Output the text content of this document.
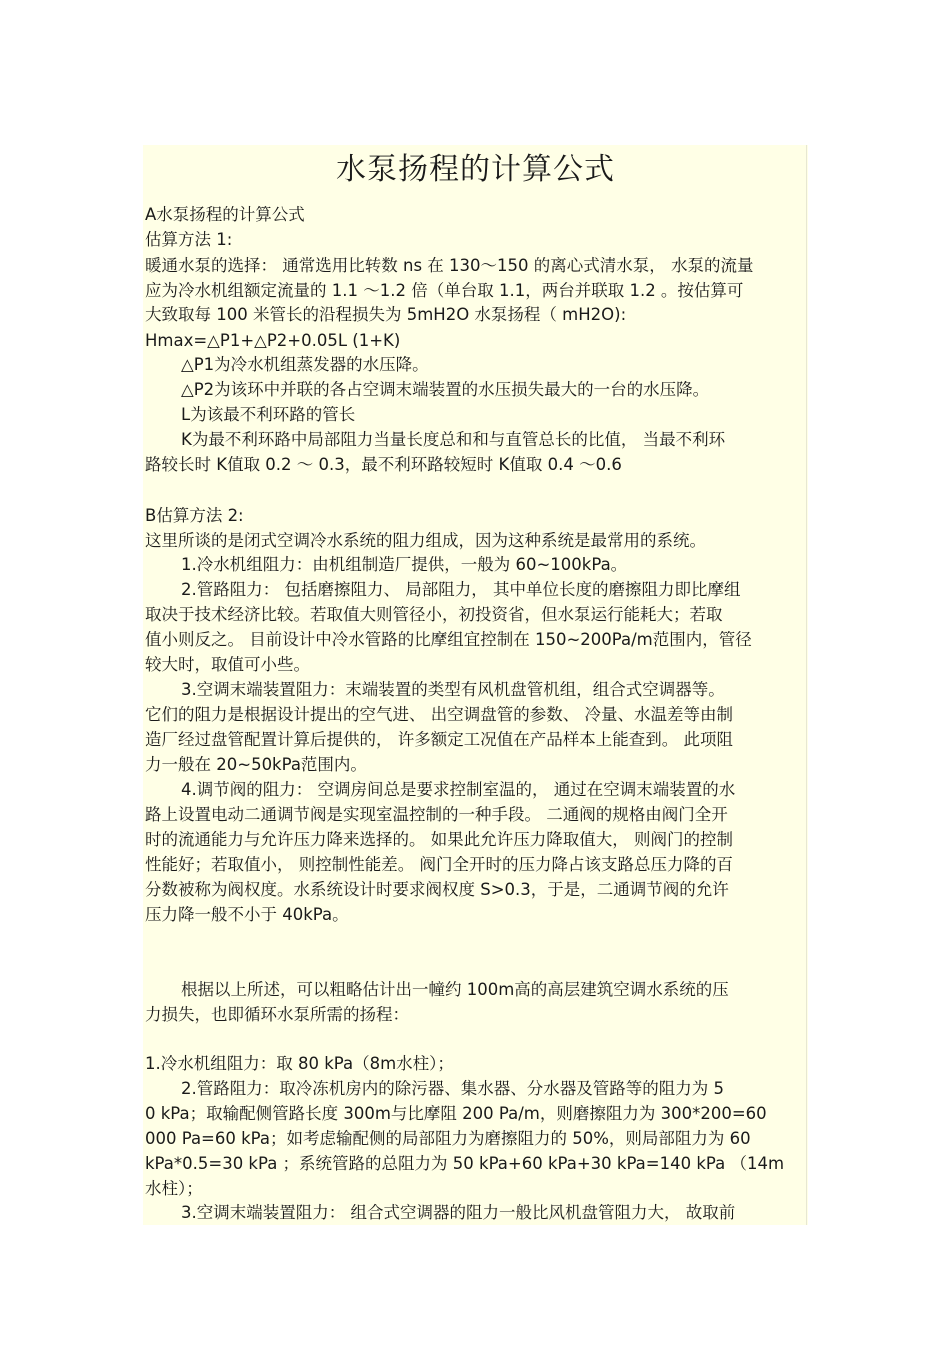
水泵扬程的计算公式
A水泵扬程的计算公式
估算方法 1:
暖通水泵的选择： 通常选用比转数 ns 在 130～150 的离心式清水泵， 水泵的流量
应为冷水机组额定流量的 1.1 ～1.2 倍（单台取 1.1，两台并联取 1.2 。按估算可
大致取每 100 米管长的沿程损失为 5mH2O 水泵扬程（ mH2O):
Hmax=△P1+△P2+0.05L (1+K)
△P1为冷水机组蒸发器的水压降。
△P2为该环中并联的各占空调末端装置的水压损失最大的一台的水压降。
L为该最不利环路的管长
K为最不利环路中局部阻力当量长度总和和与直管总长的比值， 当最不利环
路较长时 K值取 0.2 ～ 0.3，最不利环路较短时 K值取 0.4 ～0.6
B估算方法 2:
这里所谈的是闭式空调冷水系统的阻力组成，因为这种系统是最常用的系统。
1.冷水机组阻力：由机组制造厂提供，一般为 60~100kPa。
2.管路阻力： 包括磨擦阻力、 局部阻力， 其中单位长度的磨擦阻力即比摩组
取决于技术经济比较。若取值大则管径小，初投资省，但水泵运行能耗大；若取
值小则反之。 目前设计中冷水管路的比摩组宜控制在 150~200Pa/m范围内，管径
较大时，取值可小些。
3.空调末端装置阻力：末端装置的类型有风机盘管机组，组合式空调器等。
它们的阻力是根据设计提出的空气进、 出空调盘管的参数、 冷量、水温差等由制
造厂经过盘管配置计算后提供的， 许多额定工况值在产品样本上能查到。 此项阻
力一般在 20~50kPa范围内。
4.调节阀的阻力： 空调房间总是要求控制室温的， 通过在空调末端装置的水
路上设置电动二通调节阀是实现室温控制的一种手段。 二通阀的规格由阀门全开
时的流通能力与允许压力降来选择的。 如果此允许压力降取值大， 则阀门的控制
性能好；若取值小， 则控制性能差。 阀门全开时的压力降占该支路总压力降的百
分数被称为阀权度。水系统设计时要求阀权度 S>0.3，于是，二通调节阀的允许
压力降一般不小于 40kPa。
根据以上所述，可以粗略估计出一幢约 100m高的高层建筑空调水系统的压
力损失，也即循环水泵所需的扬程：
1.冷水机组阻力：取 80 kPa（8m水柱）；
2.管路阻力：取冷冻机房内的除污器、集水器、分水器及管路等的阻力为 5
0 kPa；取输配侧管路长度 300m与比摩阻 200 Pa/m，则磨擦阻力为 300*200=60
000 Pa=60 kPa；如考虑输配侧的局部阻力为磨擦阻力的 50%，则局部阻力为 60
kPa*0.5=30 kPa ；系统管路的总阻力为 50 kPa+60 kPa+30 kPa=140 kPa （14m
水柱）；
3.空调末端装置阻力： 组合式空调器的阻力一般比风机盘管阻力大， 故取前
